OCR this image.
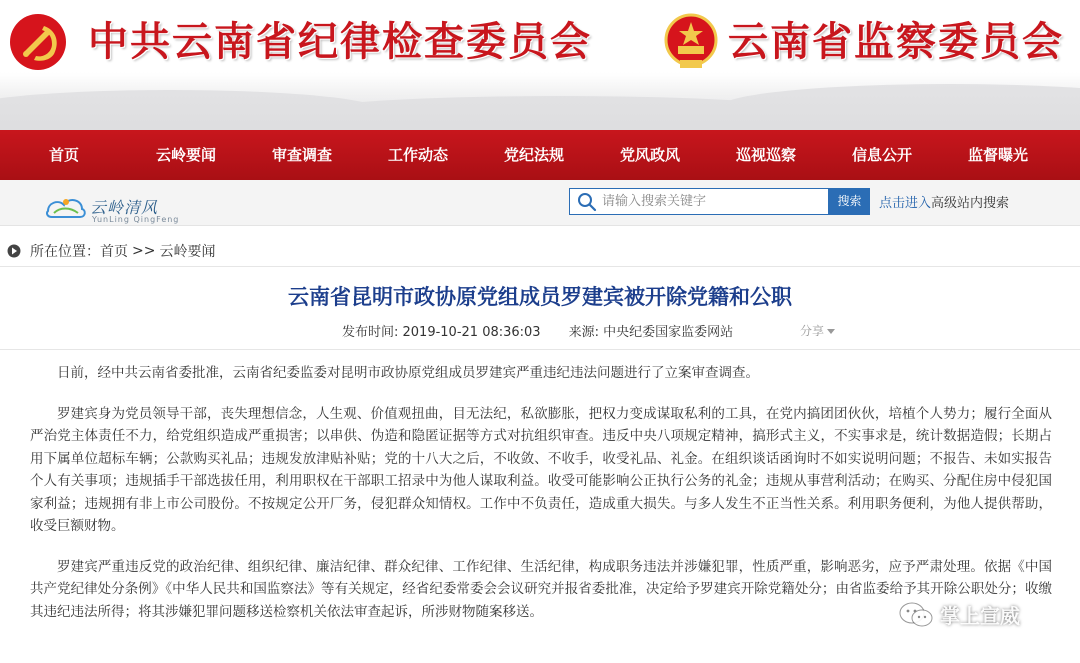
中共云南省纪律检查委员会	云南省监察委员会
首页	云岭要闻	审查调查	工作动态	党纪法规	党风政风	巡视巡察	信息公开	监督曝光
云岭清风
YunLing QingFeng
请输入搜索关键字
搜索	点击进入高级站内搜索
所在位置： 首页 >> 云岭要闻
云南省昆明市政协原党组成员罗建宾被开除党籍和公职
发布时间: 2019-10-21 08:36:03 来源: 中央纪委国家监委网站	分享

日前，经中共云南省委批准，云南省纪委监委对昆明市政协原党组成员罗建宾严重违纪违法问题进行了立案审查调查。

罗建宾身为党员领导干部，丧失理想信念，人生观、价值观扭曲，目无法纪，私欲膨胀，把权力变成谋取私利的工具，在党内搞团团伙伙，培植个人势力；履行全面从严治党主体责任不力，给党组织造成严重损害；以串供、伪造和隐匿证据等方式对抗组织审查。违反中央八项规定精神，搞形式主义，不实事求是，统计数据造假；长期占用下属单位超标车辆；公款购买礼品；违规发放津贴补贴；党的十八大之后，不收敛、不收手，收受礼品、礼金。在组织谈话函询时不如实说明问题；不报告、未如实报告个人有关事项；违规插手干部选拔任用，利用职权在干部职工招录中为他人谋取利益。收受可能影响公正执行公务的礼金；违规从事营利活动；在购买、分配住房中侵犯国家利益；违规拥有非上市公司股份。不按规定公开厂务，侵犯群众知情权。工作中不负责任，造成重大损失。与多人发生不正当性关系。利用职务便利，为他人提供帮助，收受巨额财物。

罗建宾严重违反党的政治纪律、组织纪律、廉洁纪律、群众纪律、工作纪律、生活纪律，构成职务违法并涉嫌犯罪，性质严重，影响恶劣，应予严肃处理。依据《中国共产党纪律处分条例》《中华人民共和国监察法》等有关规定，经省纪委常委会会议研究并报省委批准，决定给予罗建宾开除党籍处分；由省监委给予其开除公职处分；收缴其违纪违法所得；将其涉嫌犯罪问题移送检察机关依法审查起诉，所涉财物随案移送。	掌上宣威
